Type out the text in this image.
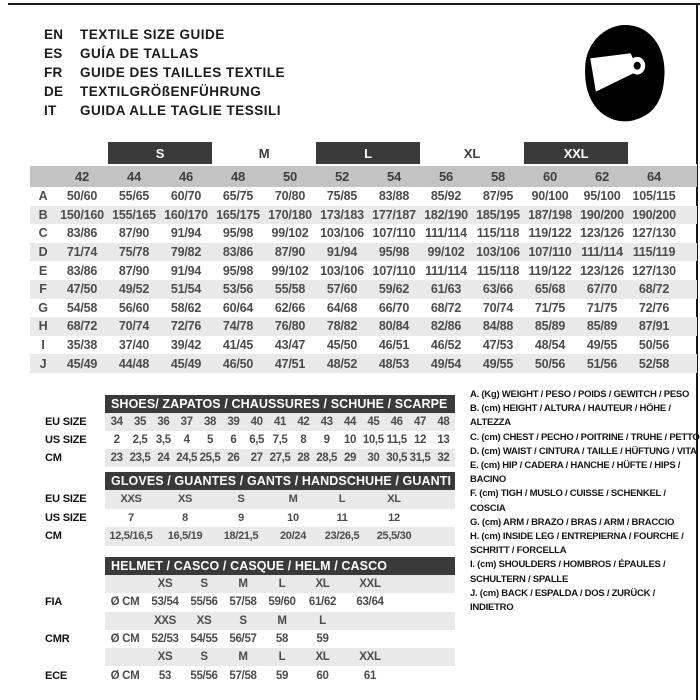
EN	TEXTILE SIZE GUIDE
ES	GUÍA DE TALLAS
FR	GUIDE DES TAILLES TEXTILE
DE	TEXTILGRÖßENFÜHRUNG
IT	GUIDA ALLE TAGLIE TESSILI
		S		M		L		XL		XXL			
	42	44	46	48	50	52	54	56	58	60	62	64	
A	50/60	55/65	60/70	65/75	70/80	75/85	83/88	85/92	87/95	90/100	95/100	105/115	
B	150/160	155/165	160/170	165/175	170/180	173/183	177/187	182/190	185/195	187/198	190/200	190/200	
C	83/86	87/90	91/94	95/98	99/102	103/106	107/110	111/114	115/118	119/122	123/126	127/130	
D	71/74	75/78	79/82	83/86	87/90	91/94	95/98	99/102	103/106	107/110	111/114	115/119	
E	83/86	87/90	91/94	95/98	99/102	103/106	107/110	111/114	115/118	119/122	123/126	127/130	
F	47/50	49/52	51/54	53/56	55/58	57/60	59/62	61/63	63/66	65/68	67/70	68/72	
G	54/58	56/60	58/62	60/64	62/66	64/68	66/70	68/72	70/74	71/75	71/75	72/76	
H	68/72	70/74	72/76	74/78	76/80	78/82	80/84	82/86	84/88	85/89	85/89	87/91	
I	35/38	37/40	39/42	41/45	43/47	45/50	46/51	46/52	47/53	48/54	49/55	50/56	
J	45/49	44/48	45/49	46/50	47/51	48/52	48/53	49/54	49/55	50/56	51/56	52/58	
SHOES/ ZAPATOS / CHAUSSURES / SCHUHE / SCARPE
EU SIZE	34 35 36 37 38 39 40 41 42 43 44 45 46 47 48
US SIZE	2	2,5 3,5	4	5	6	6,5 7,5	8	9	10 10,5 11,5 12 13
CM	23 23,5 24 24,5 25,5 26 27 27,5 28 28,5 29 30 30,5 31,5 32
GLOVES / GUANTES / GANTS / HANDSCHUHE / GUANTI
EU SIZE	XXS	XS	S	M	L	XL
US SIZE	7	8	9	10	11	12
CM	12,5/16,5	16,5/19	18/21,5	20/24	23/26,5	25,5/30
HELMET / CASCO / CASQUE / HELM / CASCO
XS	S	M	L	XL	XXL
FIA	Ø CM	53/54	55/56	57/58	59/60	61/62	63/64
XXS	XS	S	M	L
CMR	Ø CM	52/53	54/55	56/57	58	59
XS	S	M	L	XL	XXL
ECE	Ø CM	53	55/56	57/58	59	60	61
A. (Kg) WEIGHT / PESO / POIDS / GEWITCH / PESO
B. (cm) HEIGHT / ALTURA / HAUTEUR / HÖHE / ALTEZZA
C. (cm) CHEST / PECHO / POITRINE / TRUHE / PETTO
D. (cm) WAIST / CINTURA / TAILLE / HÜFTUNG / VITA
E. (cm) HIP / CADERA / HANCHE / HÜFTE / HIPS / BACINO
F. (cm) TIGH / MUSLO / CUISSE / SCHENKEL / COSCIA
G. (cm) ARM / BRAZO / BRAS / ARM / BRACCIO
H. (cm) INSIDE LEG / ENTREPIERNA / FOURCHE / SCHRITT / FORCELLA
I. (cm) SHOULDERS / HOMBROS / ÉPAULES / SCHULTERN / SPALLE
J. (cm) BACK / ESPALDA / DOS / ZURÜCK / INDIETRO
